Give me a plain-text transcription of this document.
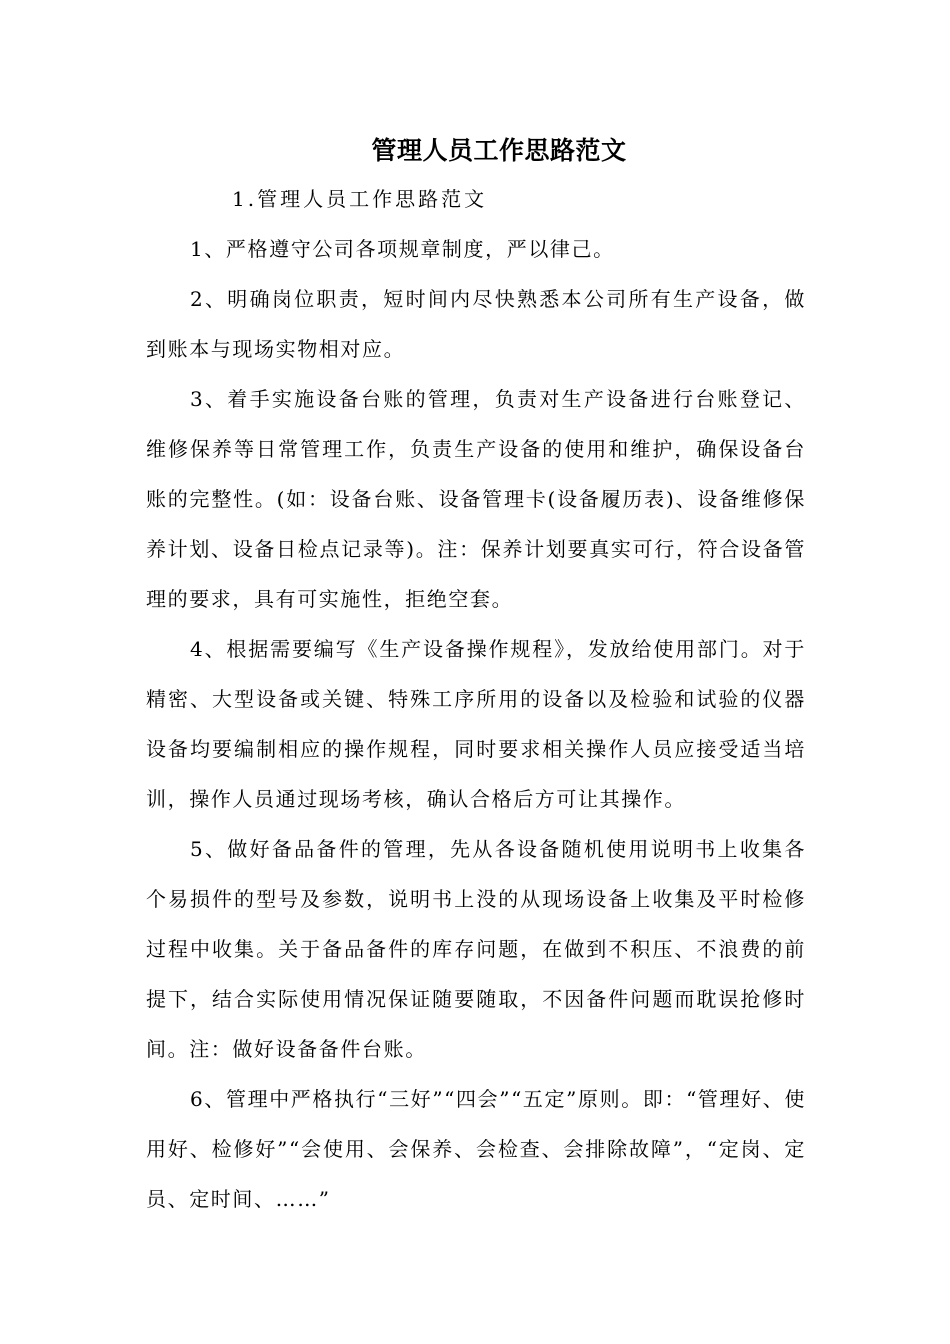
管理人员工作思路范文

1.管理人员工作思路范文

1、严格遵守公司各项规章制度，严以律己。

2、明确岗位职责，短时间内尽快熟悉本公司所有生产设备，做到账本与现场实物相对应。

3、着手实施设备台账的管理，负责对生产设备进行台账登记、维修保养等日常管理工作，负责生产设备的使用和维护，确保设备台账的完整性。(如：设备台账、设备管理卡(设备履历表)、设备维修保养计划、设备日检点记录等)。注：保养计划要真实可行，符合设备管理的要求，具有可实施性，拒绝空套。

4、根据需要编写《生产设备操作规程》，发放给使用部门。对于精密、大型设备或关键、特殊工序所用的设备以及检验和试验的仪器设备均要编制相应的操作规程，同时要求相关操作人员应接受适当培训，操作人员通过现场考核，确认合格后方可让其操作。

5、做好备品备件的管理，先从各设备随机使用说明书上收集各个易损件的型号及参数，说明书上没的从现场设备上收集及平时检修过程中收集。关于备品备件的库存问题，在做到不积压、不浪费的前提下，结合实际使用情况保证随要随取，不因备件问题而耽误抢修时间。注：做好设备备件台账。

6、管理中严格执行“三好”“四会”“五定”原则。即：“管理好、使用好、检修好”“会使用、会保养、会检查、会排除故障”，“定岗、定员、定时间、……”
